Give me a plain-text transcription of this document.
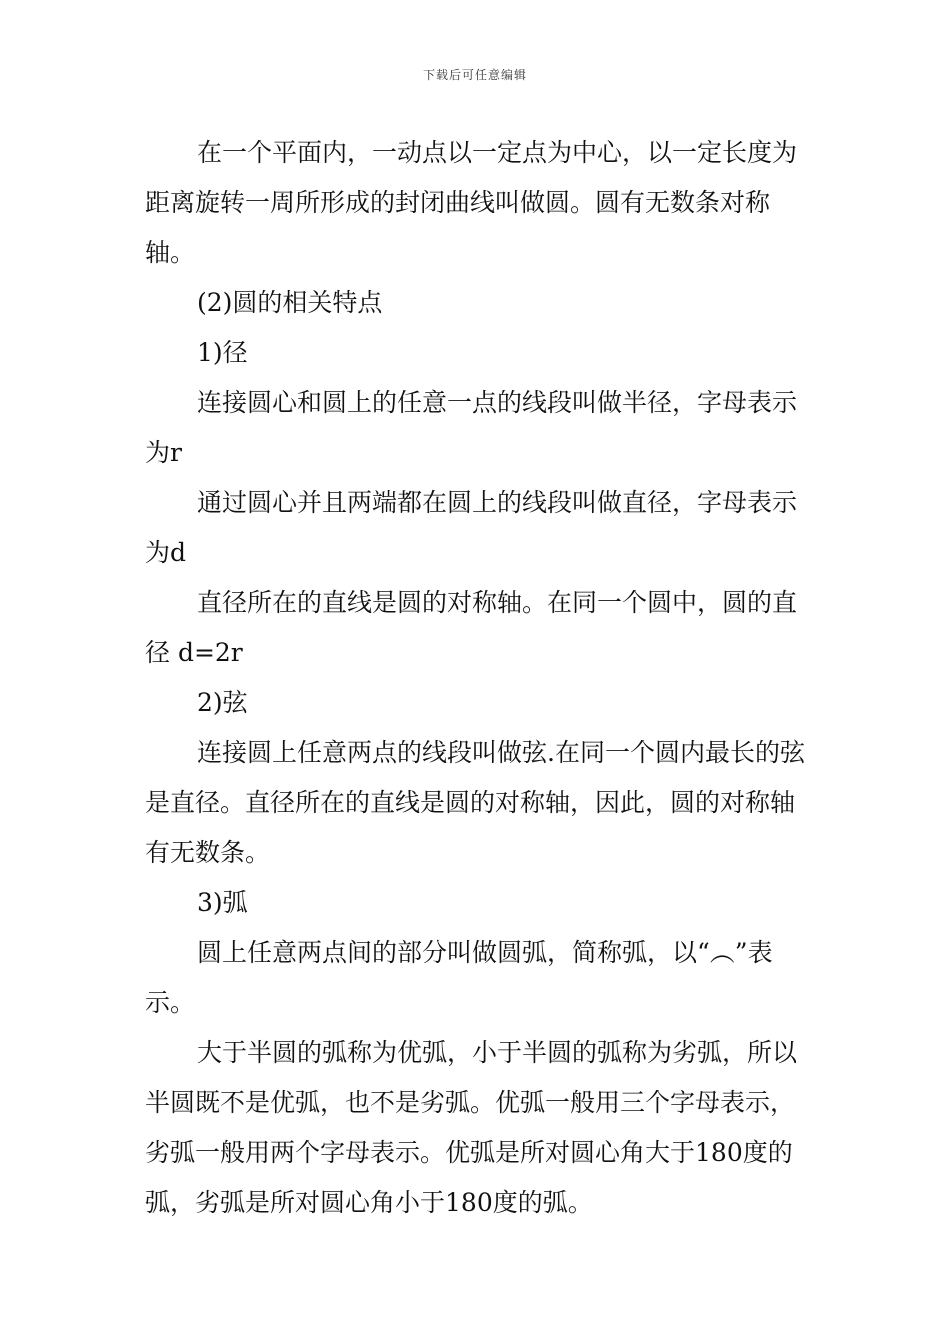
下载后可任意编辑

在一个平面内，一动点以一定点为中心，以一定长度为距离旋转一周所形成的封闭曲线叫做圆。圆有无数条对称轴。

(2)圆的相关特点

1)径

连接圆心和圆上的任意一点的线段叫做半径，字母表示为r

通过圆心并且两端都在圆上的线段叫做直径，字母表示为d

直径所在的直线是圆的对称轴。在同一个圆中，圆的直径 d=2r

2)弦

连接圆上任意两点的线段叫做弦.在同一个圆内最长的弦是直径。直径所在的直线是圆的对称轴，因此，圆的对称轴有无数条。

3)弧

圆上任意两点间的部分叫做圆弧，简称弧，以“︵”表示。

大于半圆的弧称为优弧，小于半圆的弧称为劣弧，所以半圆既不是优弧，也不是劣弧。优弧一般用三个字母表示，劣弧一般用两个字母表示。优弧是所对圆心角大于180度的弧，劣弧是所对圆心角小于180度的弧。
